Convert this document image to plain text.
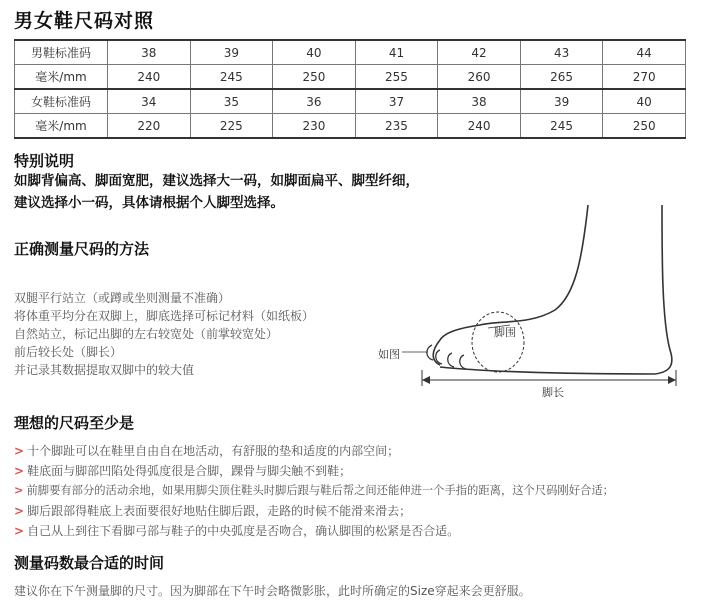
男女鞋尺码对照
男鞋标准码	38	39	40	41	42	43	44
毫米/mm	240	245	250	255	260	265	270
女鞋标准码	34	35	36	37	38	39	40
毫米/mm	220	225	230	235	240	245	250
特别说明
如脚背偏高、脚面宽肥，建议选择大一码，如脚面扁平、脚型纤细，
建议选择小一码，具体请根据个人脚型选择。
正确测量尺码的方法
双腿平行站立（或蹲或坐则测量不准确）
将体重平均分在双脚上，脚底选择可标记材料（如纸板）
自然站立，标记出脚的左右较宽处（前掌较宽处）
前后较长处（脚长）
并记录其数据提取双脚中的较大值
脚围
如图
脚长
理想的尺码至少是
> 十个脚趾可以在鞋里自由自在地活动，有舒服的垫和适度的内部空间；
> 鞋底面与脚部凹陷处得弧度很是合脚，踝骨与脚尖触不到鞋；
> 前脚要有部分的活动余地，如果用脚尖顶住鞋头时脚后跟与鞋后帮之间还能伸进一个手指的距离，这个尺码刚好合适；
> 脚后跟部得鞋底上表面要很好地贴住脚后跟，走路的时候不能滑来滑去；
> 自己从上到往下看脚弓部与鞋子的中央弧度是否吻合，确认脚围的松紧是否合适。
测量码数最合适的时间
建议你在下午测量脚的尺寸。因为脚部在下午时会略微影胀，此时所确定的Size穿起来会更舒服。
